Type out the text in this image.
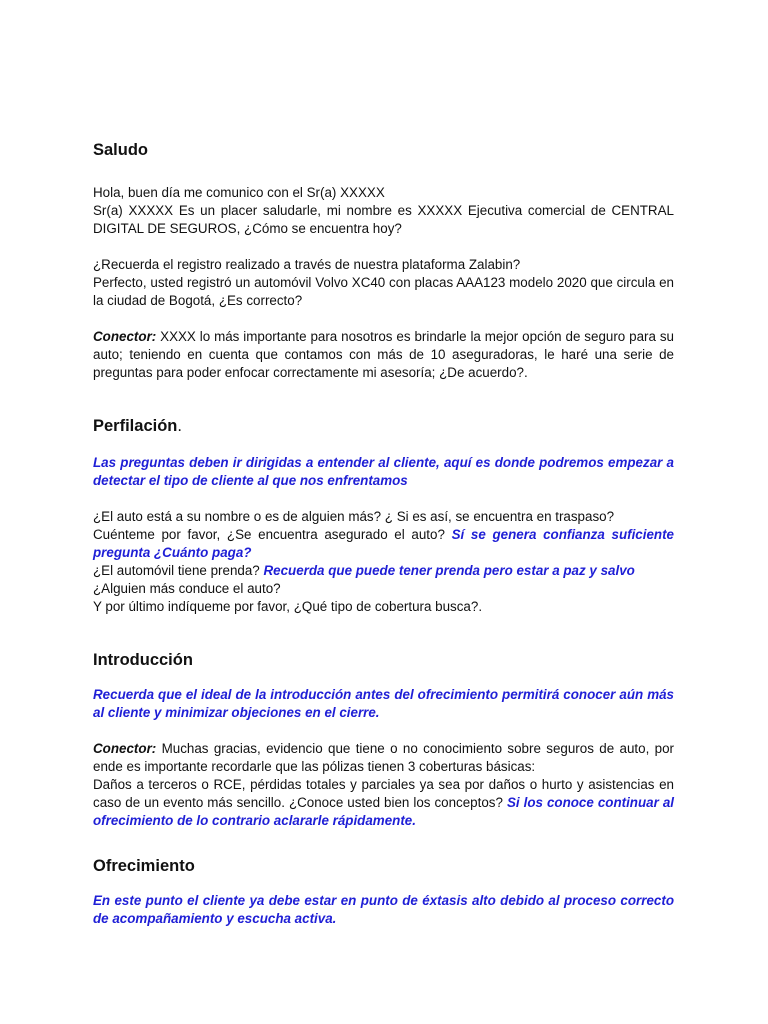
Saludo

Hola, buen día me comunico con el Sr(a) XXXXX

Sr(a) XXXXX Es un placer saludarle, mi nombre es XXXXX Ejecutiva comercial de CENTRAL DIGITAL DE SEGUROS, ¿Cómo se encuentra hoy?

¿Recuerda el registro realizado a través de nuestra plataforma Zalabin?

Perfecto, usted registró un automóvil Volvo XC40 con placas AAA123 modelo 2020 que circula en la ciudad de Bogotá, ¿Es correcto?

Conector: XXXX lo más importante para nosotros es brindarle la mejor opción de seguro para su auto; teniendo en cuenta que contamos con más de 10 aseguradoras, le haré una serie de preguntas para poder enfocar correctamente mi asesoría; ¿De acuerdo?.

Perfilación.

Las preguntas deben ir dirigidas a entender al cliente, aquí es donde podremos empezar a detectar el tipo de cliente al que nos enfrentamos

¿El auto está a su nombre o es de alguien más? ¿ Si es así, se encuentra en traspaso?

Cuénteme por favor, ¿Se encuentra asegurado el auto? Sí se genera confianza suficiente pregunta ¿Cuánto paga?

¿El automóvil tiene prenda? Recuerda que puede tener prenda pero estar a paz y salvo

¿Alguien más conduce el auto?

Y por último indíqueme por favor, ¿Qué tipo de cobertura busca?.

Introducción

Recuerda que el ideal de la introducción antes del ofrecimiento permitirá conocer aún más al cliente y minimizar objeciones en el cierre.

Conector: Muchas gracias, evidencio que tiene o no conocimiento sobre seguros de auto, por ende es importante recordarle que las pólizas tienen 3 coberturas básicas:

Daños a terceros o RCE, pérdidas totales y parciales ya sea por daños o hurto y asistencias en caso de un evento más sencillo. ¿Conoce usted bien los conceptos? Si los conoce continuar al ofrecimiento de lo contrario aclararle rápidamente.

Ofrecimiento

En este punto el cliente ya debe estar en punto de éxtasis alto debido al proceso correcto de acompañamiento y escucha activa.
